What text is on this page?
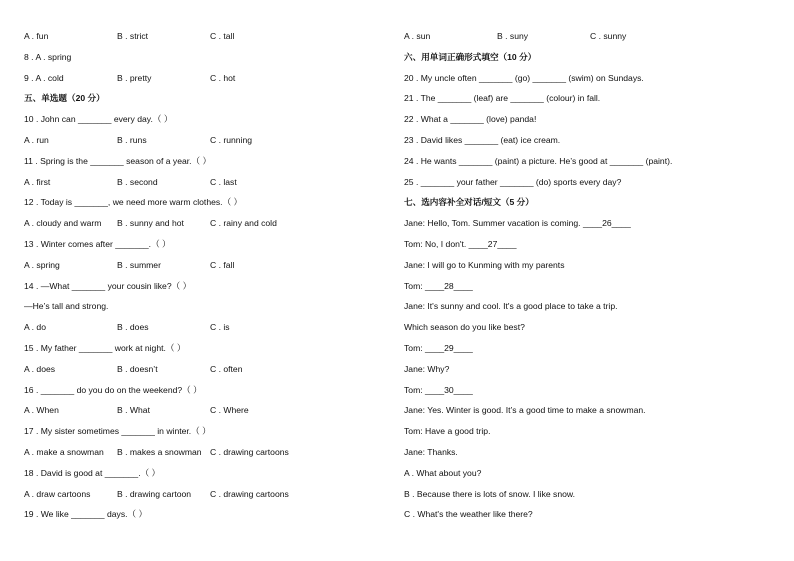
A . fun	B . strict	C . tall
8 . A . spring
9 . A . cold	B . pretty	C . hot
五、单选题（20 分）
10 . John can _______ every day.（ ）
A . run	B . runs	C . running
11 . Spring is the _______ season of a year.（ ）
A . first	B . second	C . last
12 . Today is _______, we need more warm clothes.（ ）
A . cloudy and warm B . sunny and hot	C . rainy and cold
13 . Winter comes after _______.（ ）
A . spring	B . summer	C . fall
14 . —What _______ your cousin like?（ ）
—He’s tall and strong.
A . do	B . does	C . is
15 . My father _______ work at night.（ ）
A . does	B . doesn’t	C . often
16 . _______ do you do on the weekend?（ ）
A . When	B . What	C . Where
17 . My sister sometimes _______ in winter.（ ）
A . make a snowman B . makes a snowman C . drawing cartoons
18 . David is good at _______.（ ）
A . draw cartoons	B . drawing cartoon C . drawing cartoons
19 . We like _______ days.（ ）
A . sun	B . suny	C . sunny
六、用单词正确形式填空（10 分）
20 . My uncle often _______ (go) _______ (swim) on Sundays.
21 . The _______ (leaf) are _______ (colour) in fall.
22 . What a _______ (love) panda!
23 . David likes _______ (eat) ice cream.
24 . He wants _______ (paint) a picture. He’s good at _______ (paint).
25 . _______ your father _______ (do) sports every day?
七、选内容补全对话/短文（5 分）
Jane: Hello, Tom. Summer vacation is coming. ____26____
Tom: No, I don't. ____27____
Jane: I will go to Kunming with my parents
Tom: ____28____
Jane: It's sunny and cool. It's a good place to take a trip.
Which season do you like best?
Tom: ____29____
Jane: Why?
Tom: ____30____
Jane: Yes. Winter is good. It’s a good time to make a snowman.
Tom: Have a good trip.
Jane: Thanks.
A . What about you?
B . Because there is lots of snow. I like snow.
C . What's the weather like there?
